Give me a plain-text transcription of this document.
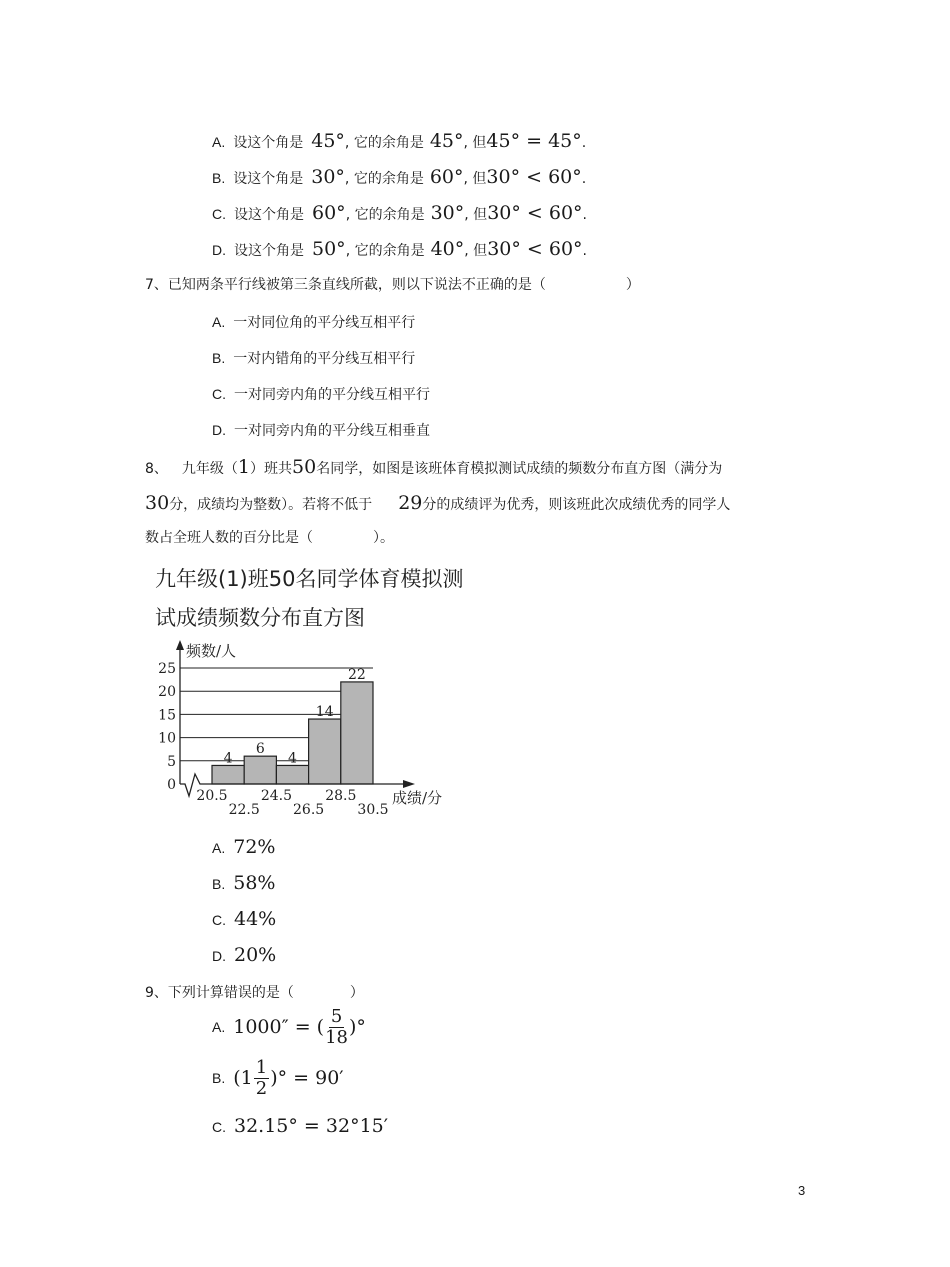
A. 设这个角是 45°, 它的余角是 45°, 但45° = 45°.
B. 设这个角是 30°, 它的余角是 60°, 但30° < 60°.
C. 设这个角是 60°, 它的余角是 30°, 但30° < 60°.
D. 设这个角是 50°, 它的余角是 40°, 但30° < 60°.
7、已知两条平行线被第三条直线所截，则以下说法不正确的是（	）
A. 一对同位角的平分线互相平行
B. 一对内错角的平分线互相平行
C. 一对同旁内角的平分线互相平行
D. 一对同旁内角的平分线互相垂直
8、 九年级（1）班共50名同学，如图是该班体育模拟测试成绩的频数分布直方图（满分为
30分，成绩均为整数）。若将不低于 29分的成绩评为优秀，则该班此次成绩优秀的同学人
数占全班人数的百分比是（	）。
九年级(1)班50名同学体育模拟测
试成绩频数分布直方图
4
6
4
14
22
频数/人
0
5
10
15
20
25
成绩/分
20.5
22.5
24.5
26.5
28.5
30.5
A. 72%
B. 58%
C. 44%
D. 20%
9、下列计算错误的是（	）
A. 1000″ = ( $\frac{5}{18}$ )°
B. ($1 \frac{1}{2}$ )° = 90′
C. 32.15° = 32°15′
3
